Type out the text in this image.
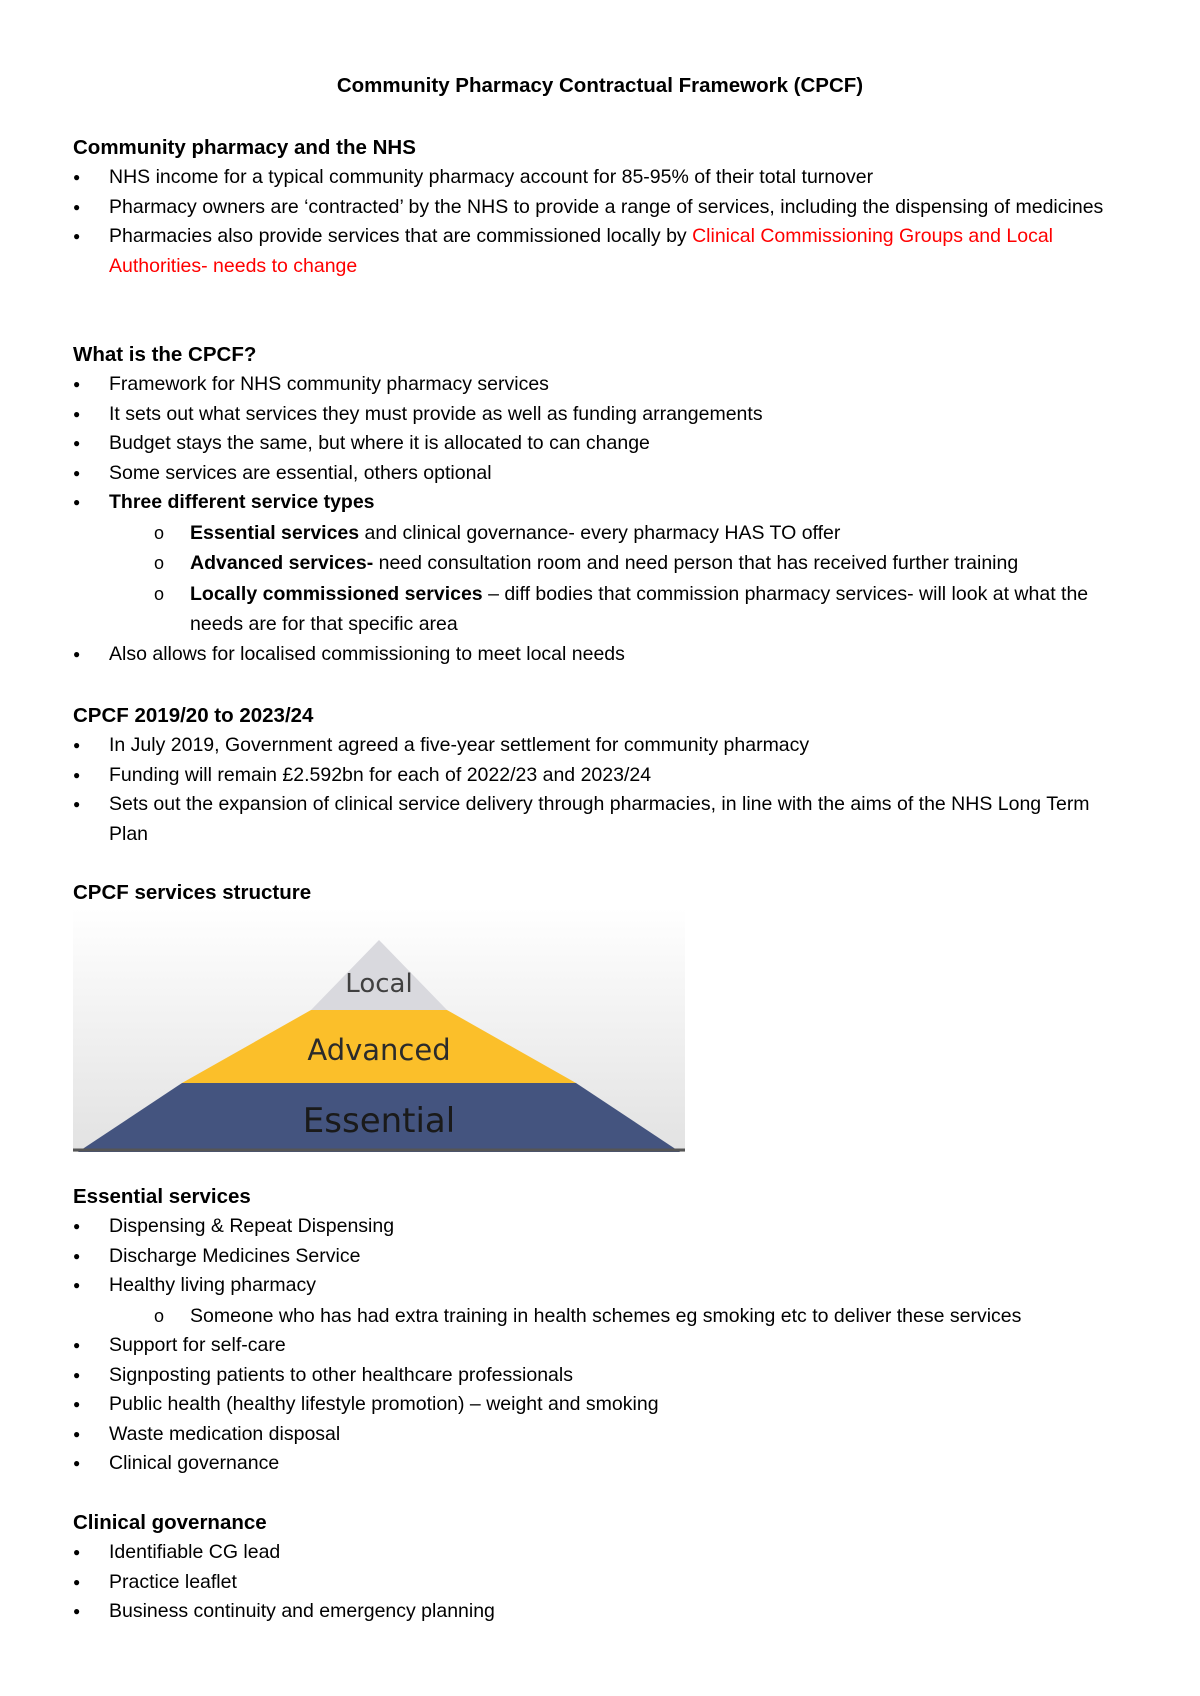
Community Pharmacy Contractual Framework (CPCF)
Community pharmacy and the NHS
● NHS income for a typical community pharmacy account for 85-95% of their total turnover
● Pharmacy owners are ‘contracted’ by the NHS to provide a range of services, including the dispensing of medicines
● Pharmacies also provide services that are commissioned locally by Clinical Commissioning Groups and Local Authorities- needs to change
What is the CPCF?
● Framework for NHS community pharmacy services
● It sets out what services they must provide as well as funding arrangements
● Budget stays the same, but where it is allocated to can change
● Some services are essential, others optional
● Three different service types
o Essential services and clinical governance- every pharmacy HAS TO offer
o Advanced services- need consultation room and need person that has received further training
o Locally commissioned services – diff bodies that commission pharmacy services- will look at what the needs are for that specific area
● Also allows for localised commissioning to meet local needs
CPCF 2019/20 to 2023/24
● In July 2019, Government agreed a five-year settlement for community pharmacy
● Funding will remain £2.592bn for each of 2022/23 and 2023/24
● Sets out the expansion of clinical service delivery through pharmacies, in line with the aims of the NHS Long Term Plan
CPCF services structure
Local
Advanced
Essential
Essential services
● Dispensing & Repeat Dispensing
● Discharge Medicines Service
● Healthy living pharmacy
o Someone who has had extra training in health schemes eg smoking etc to deliver these services
● Support for self-care
● Signposting patients to other healthcare professionals
● Public health (healthy lifestyle promotion) – weight and smoking
● Waste medication disposal
● Clinical governance
Clinical governance
● Identifiable CG lead
● Practice leaflet
● Business continuity and emergency planning
